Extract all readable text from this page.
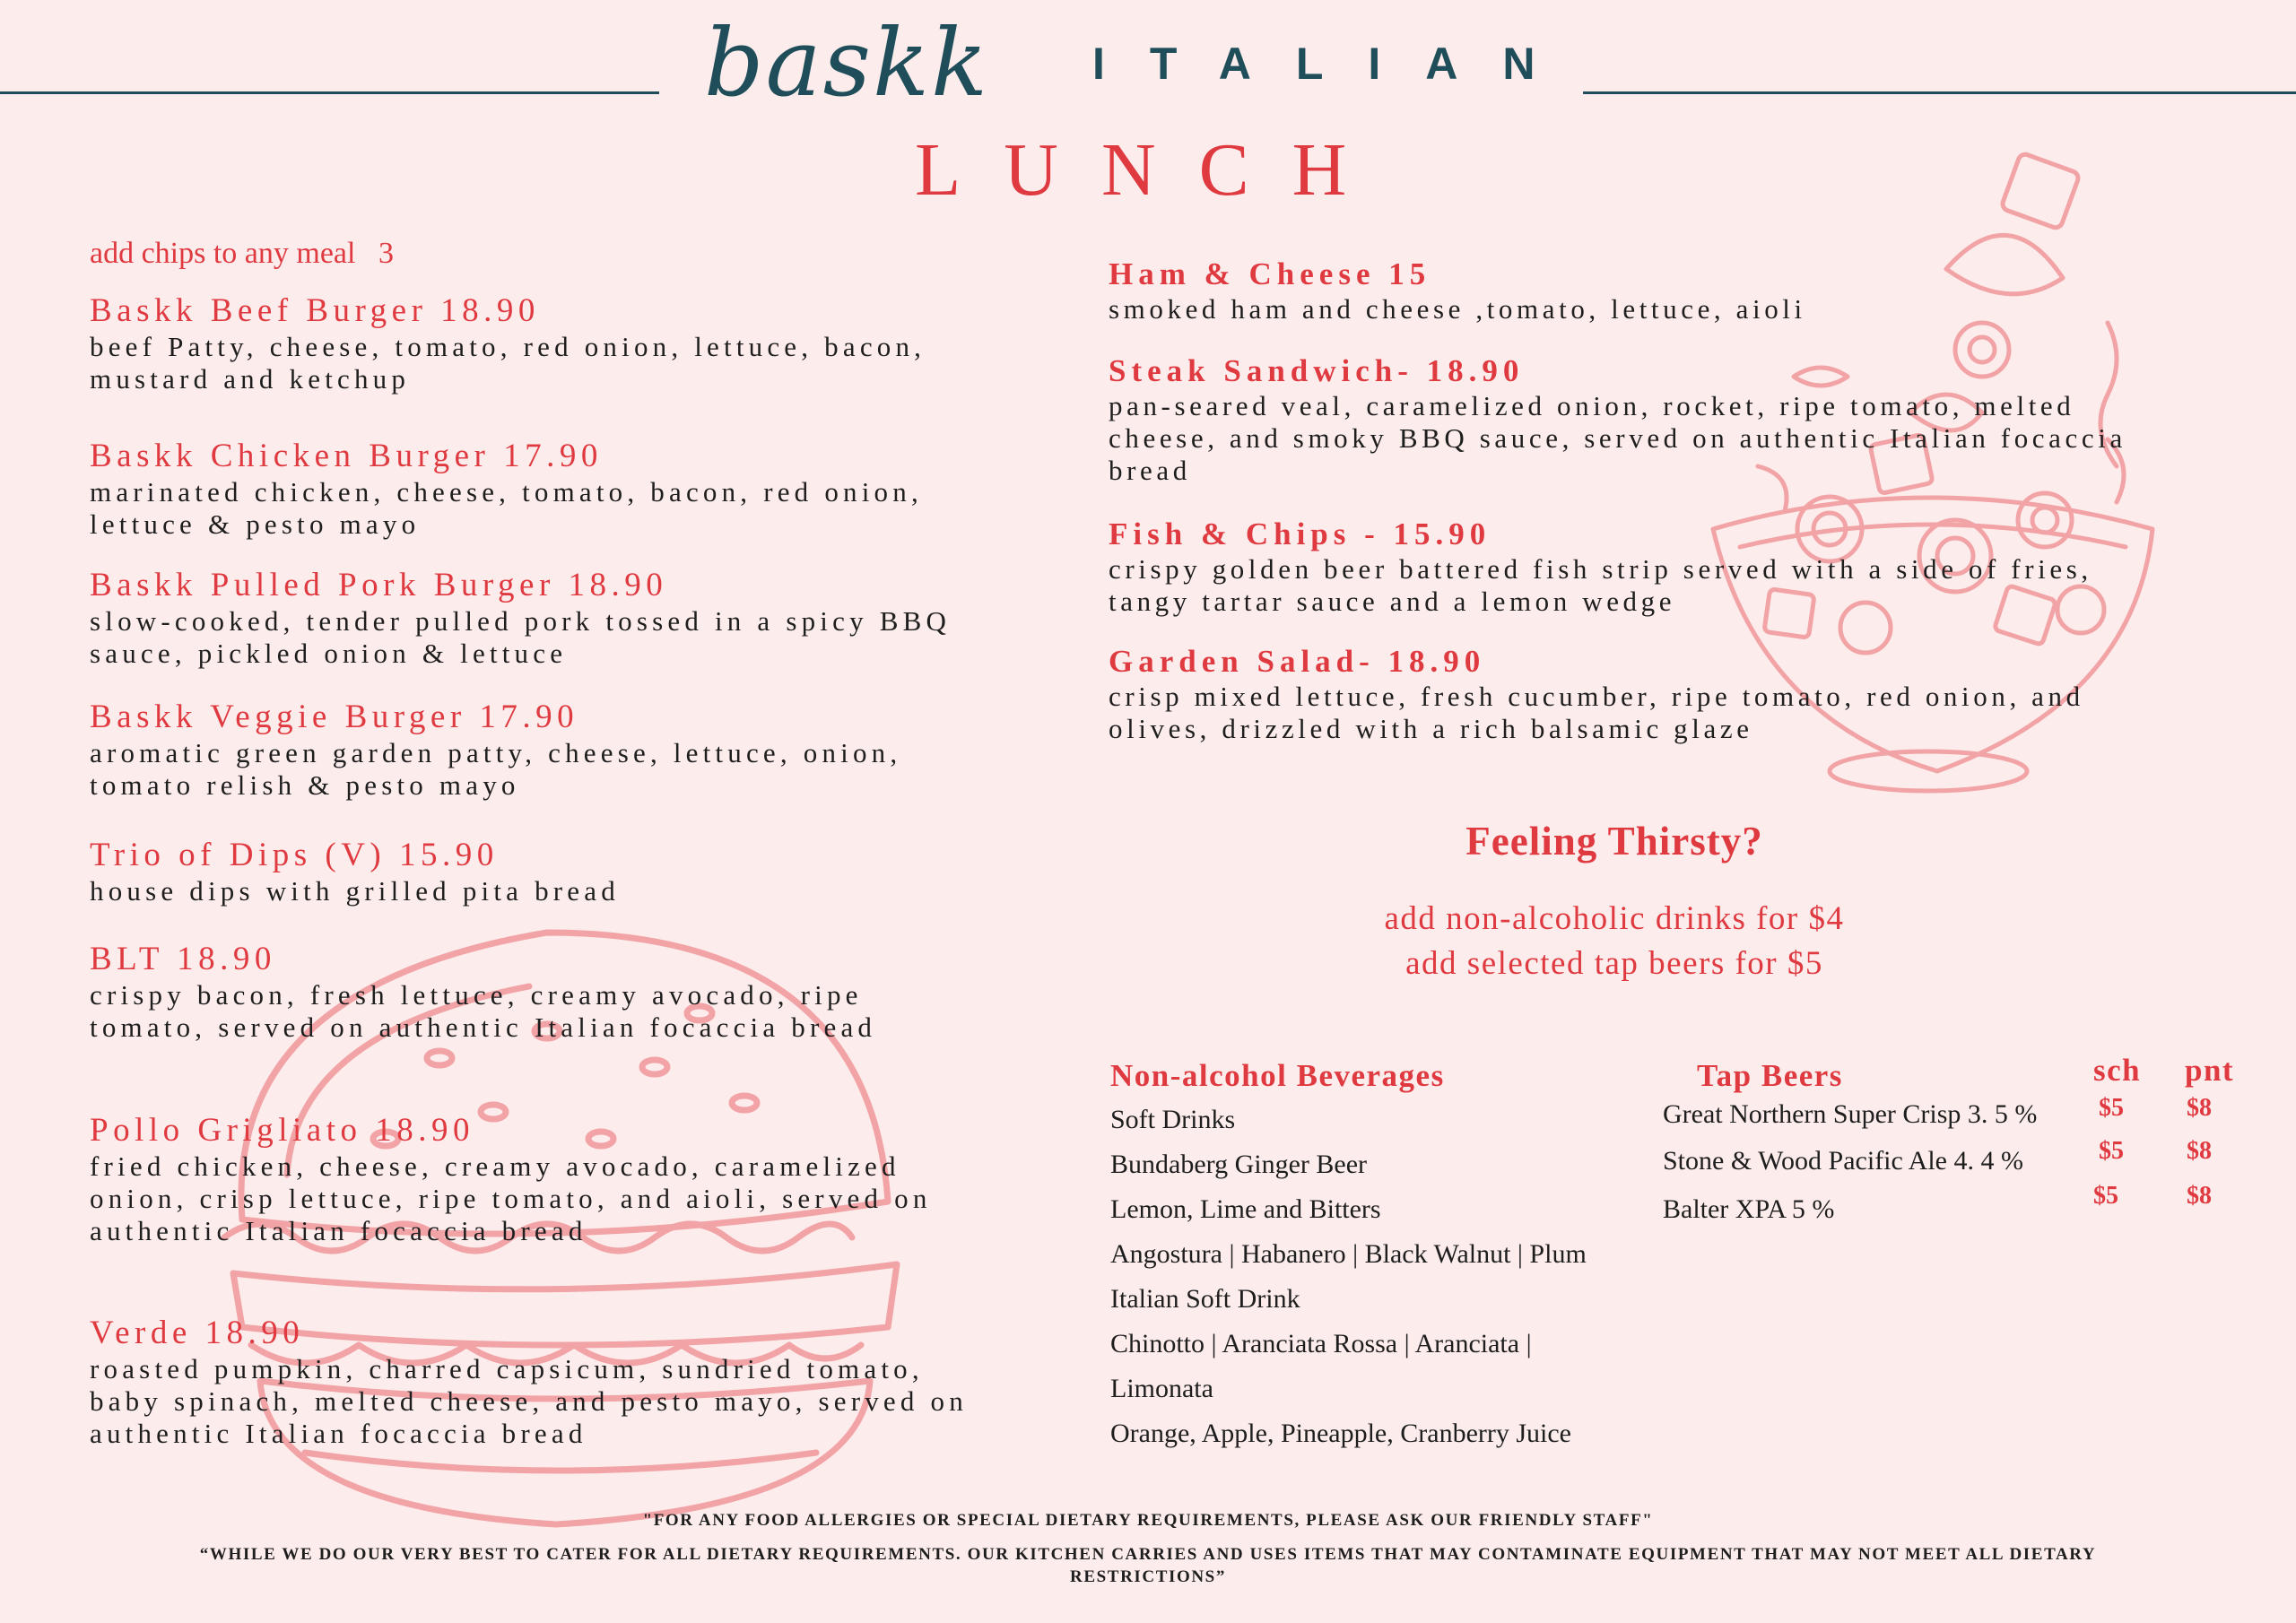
baskk	ITALIAN
LUNCH
add chips to any meal   3
Baskk Beef Burger 18.90
beef Patty, cheese, tomato, red onion, lettuce, bacon, mustard and ketchup
Baskk Chicken Burger 17.90
marinated chicken, cheese, tomato, bacon, red onion, lettuce & pesto mayo
Baskk Pulled Pork Burger 18.90
slow-cooked, tender pulled pork tossed in a spicy BBQ sauce, pickled onion & lettuce
Baskk Veggie Burger 17.90
aromatic green garden patty, cheese, lettuce, onion, tomato relish & pesto mayo
Trio of Dips (V) 15.90
house dips with grilled pita bread
BLT 18.90
crispy bacon, fresh lettuce, creamy avocado, ripe tomato, served on authentic Italian focaccia bread
Pollo Grigliato 18.90
fried chicken, cheese, creamy avocado, caramelized onion, crisp lettuce, ripe tomato, and aioli, served on authentic Italian focaccia bread
Verde 18.90
roasted pumpkin, charred capsicum, sundried tomato, baby spinach, melted cheese, and pesto mayo, served on authentic Italian focaccia bread
Ham & Cheese 15
smoked ham and cheese ,tomato, lettuce, aioli
Steak Sandwich- 18.90
pan-seared veal, caramelized onion, rocket, ripe tomato, melted cheese, and smoky BBQ sauce, served on authentic Italian focaccia bread
Fish & Chips - 15.90
crispy golden beer battered fish strip served with a side of fries, tangy tartar sauce and a lemon wedge
Garden Salad- 18.90
crisp mixed lettuce, fresh cucumber, ripe tomato, red onion, and olives, drizzled with a rich balsamic glaze
Feeling Thirsty?
add non-alcoholic drinks for $4
add selected tap beers for $5
Non-alcohol Beverages
Soft Drinks
Bundaberg Ginger Beer
Lemon, Lime and Bitters
Angostura | Habanero | Black Walnut | Plum
Italian Soft Drink
Chinotto | Aranciata Rossa | Aranciata |
Limonata
Orange, Apple, Pineapple, Cranberry Juice
Tap Beers	sch pnt
Great Northern Super Crisp 3. 5 % $5	$8
Stone & Wood Pacific Ale 4. 4 %	$5	$8
Balter XPA 5 %	$5	$8
"FOR ANY FOOD ALLERGIES OR SPECIAL DIETARY REQUIREMENTS, PLEASE ASK OUR FRIENDLY STAFF"
“WHILE WE DO OUR VERY BEST TO CATER FOR ALL DIETARY REQUIREMENTS. OUR KITCHEN CARRIES AND USES ITEMS THAT MAY CONTAMINATE EQUIPMENT THAT MAY NOT MEET ALL DIETARY RESTRICTIONS”
